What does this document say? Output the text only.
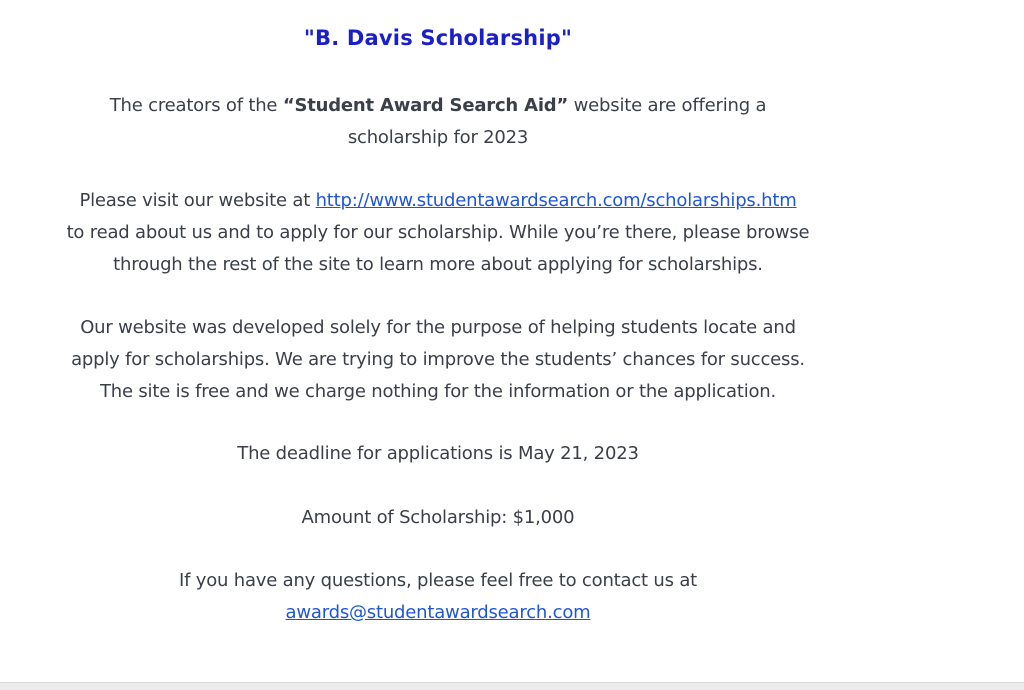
"B. Davis Scholarship"

The creators of the “Student Award Search Aid” website are offering a
scholarship for 2023

Please visit our website at http://www.studentawardsearch.com/scholarships.htm
to read about us and to apply for our scholarship. While you’re there, please browse
through the rest of the site to learn more about applying for scholarships.

Our website was developed solely for the purpose of helping students locate and
apply for scholarships. We are trying to improve the students’ chances for success.
The site is free and we charge nothing for the information or the application.

The deadline for applications is May 21, 2023

Amount of Scholarship: $1,000

If you have any questions, please feel free to contact us at
awards@studentawardsearch.com
